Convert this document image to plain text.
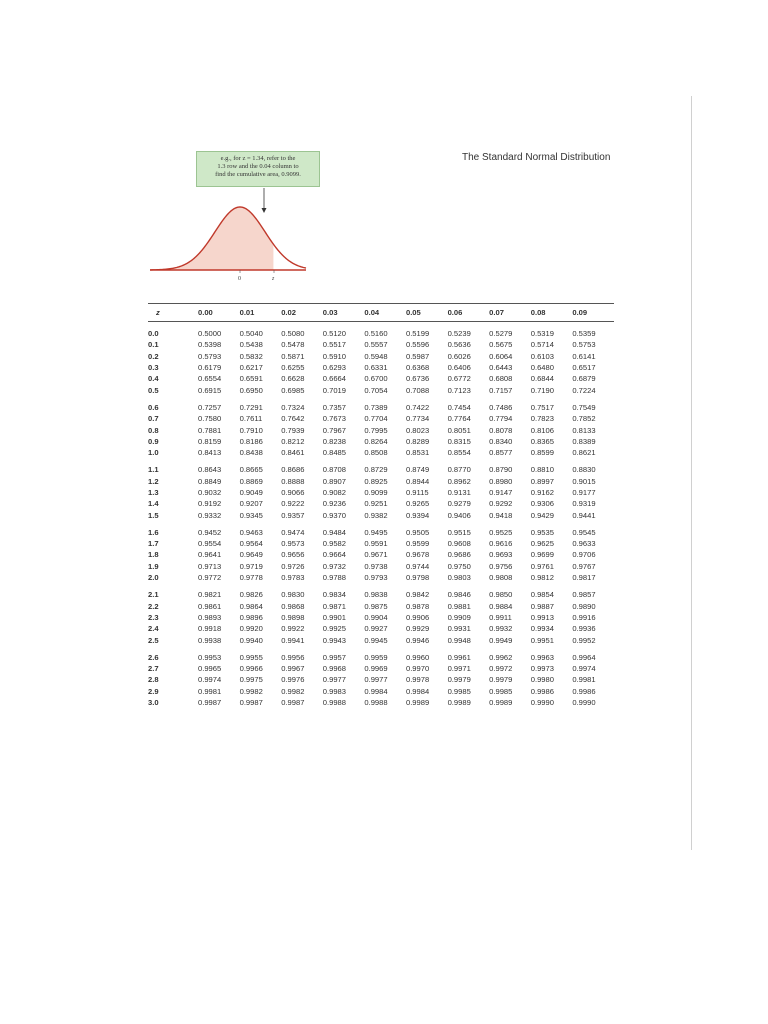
The Standard Normal Distribution
e.g., for z = 1.34, refer to the
1.3 row and the 0.04 column to
find the cumulative area, 0.9099.
0	z
z	0.00	0.01	0.02	0.03	0.04	0.05	0.06	0.07	0.08	0.09

0.0	0.5000	0.5040	0.5080	0.5120	0.5160	0.5199	0.5239	0.5279	0.5319	0.5359
0.1	0.5398	0.5438	0.5478	0.5517	0.5557	0.5596	0.5636	0.5675	0.5714	0.5753
0.2	0.5793	0.5832	0.5871	0.5910	0.5948	0.5987	0.6026	0.6064	0.6103	0.6141
0.3	0.6179	0.6217	0.6255	0.6293	0.6331	0.6368	0.6406	0.6443	0.6480	0.6517
0.4	0.6554	0.6591	0.6628	0.6664	0.6700	0.6736	0.6772	0.6808	0.6844	0.6879
0.5	0.6915	0.6950	0.6985	0.7019	0.7054	0.7088	0.7123	0.7157	0.7190	0.7224

0.6	0.7257	0.7291	0.7324	0.7357	0.7389	0.7422	0.7454	0.7486	0.7517	0.7549
0.7	0.7580	0.7611	0.7642	0.7673	0.7704	0.7734	0.7764	0.7794	0.7823	0.7852
0.8	0.7881	0.7910	0.7939	0.7967	0.7995	0.8023	0.8051	0.8078	0.8106	0.8133
0.9	0.8159	0.8186	0.8212	0.8238	0.8264	0.8289	0.8315	0.8340	0.8365	0.8389
1.0	0.8413	0.8438	0.8461	0.8485	0.8508	0.8531	0.8554	0.8577	0.8599	0.8621

1.1	0.8643	0.8665	0.8686	0.8708	0.8729	0.8749	0.8770	0.8790	0.8810	0.8830
1.2	0.8849	0.8869	0.8888	0.8907	0.8925	0.8944	0.8962	0.8980	0.8997	0.9015
1.3	0.9032	0.9049	0.9066	0.9082	0.9099	0.9115	0.9131	0.9147	0.9162	0.9177
1.4	0.9192	0.9207	0.9222	0.9236	0.9251	0.9265	0.9279	0.9292	0.9306	0.9319
1.5	0.9332	0.9345	0.9357	0.9370	0.9382	0.9394	0.9406	0.9418	0.9429	0.9441

1.6	0.9452	0.9463	0.9474	0.9484	0.9495	0.9505	0.9515	0.9525	0.9535	0.9545
1.7	0.9554	0.9564	0.9573	0.9582	0.9591	0.9599	0.9608	0.9616	0.9625	0.9633
1.8	0.9641	0.9649	0.9656	0.9664	0.9671	0.9678	0.9686	0.9693	0.9699	0.9706
1.9	0.9713	0.9719	0.9726	0.9732	0.9738	0.9744	0.9750	0.9756	0.9761	0.9767
2.0	0.9772	0.9778	0.9783	0.9788	0.9793	0.9798	0.9803	0.9808	0.9812	0.9817

2.1	0.9821	0.9826	0.9830	0.9834	0.9838	0.9842	0.9846	0.9850	0.9854	0.9857
2.2	0.9861	0.9864	0.9868	0.9871	0.9875	0.9878	0.9881	0.9884	0.9887	0.9890
2.3	0.9893	0.9896	0.9898	0.9901	0.9904	0.9906	0.9909	0.9911	0.9913	0.9916
2.4	0.9918	0.9920	0.9922	0.9925	0.9927	0.9929	0.9931	0.9932	0.9934	0.9936
2.5	0.9938	0.9940	0.9941	0.9943	0.9945	0.9946	0.9948	0.9949	0.9951	0.9952

2.6	0.9953	0.9955	0.9956	0.9957	0.9959	0.9960	0.9961	0.9962	0.9963	0.9964
2.7	0.9965	0.9966	0.9967	0.9968	0.9969	0.9970	0.9971	0.9972	0.9973	0.9974
2.8	0.9974	0.9975	0.9976	0.9977	0.9977	0.9978	0.9979	0.9979	0.9980	0.9981
2.9	0.9981	0.9982	0.9982	0.9983	0.9984	0.9984	0.9985	0.9985	0.9986	0.9986
3.0	0.9987	0.9987	0.9987	0.9988	0.9988	0.9989	0.9989	0.9989	0.9990	0.9990
